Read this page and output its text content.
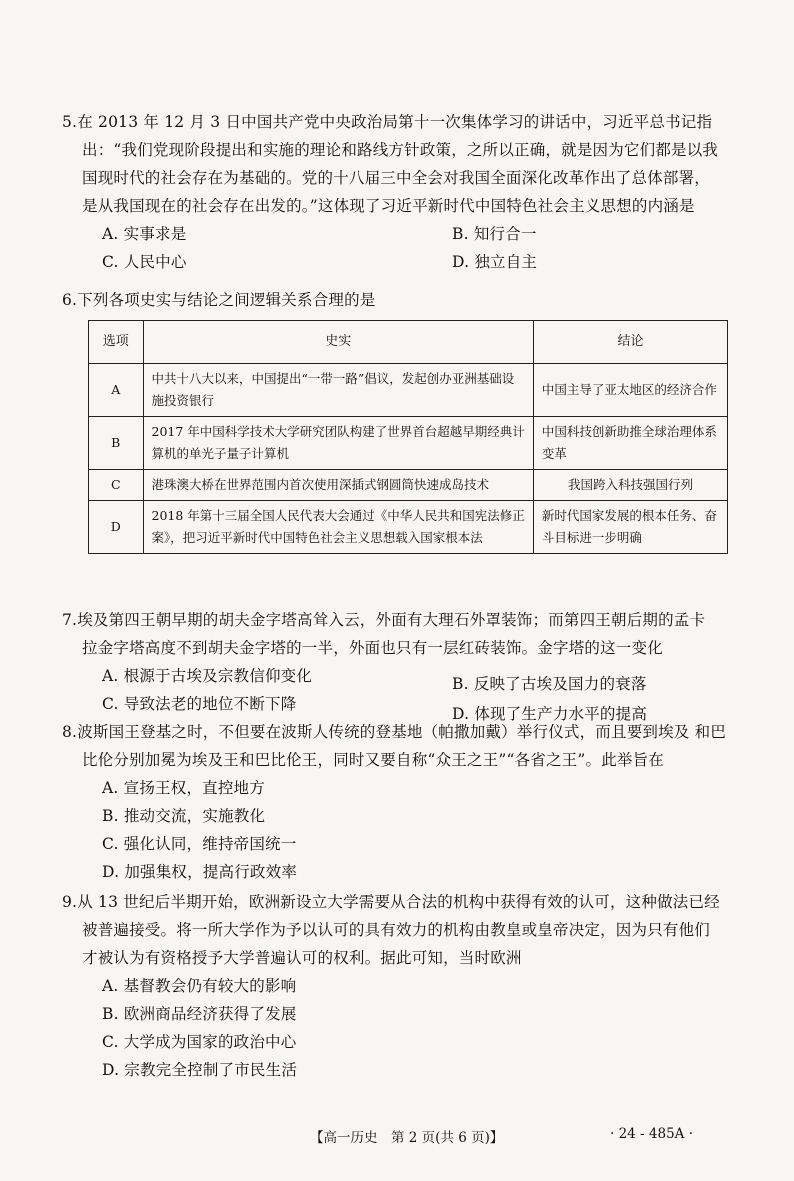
5.在 2013 年 12 月 3 日中国共产党中央政治局第十一次集体学习的讲话中，习近平总书记指

出：“我们党现阶段提出和实施的理论和路线方针政策，之所以正确，就是因为它们都是以我

国现时代的社会存在为基础的。党的十八届三中全会对我国全面深化改革作出了总体部署，

是从我国现在的社会存在出发的。”这体现了习近平新时代中国特色社会主义思想的内涵是

A. 实事求是	B. 知行合一
C. 人民中心	D. 独立自主

6.下列各项史实与结论之间逻辑关系合理的是

选项	史实	结论
A	中共十八大以来，中国提出“一带一路”倡议，发起创办亚洲基础设施投资银行	中国主导了亚太地区的经济合作
B	2017 年中国科学技术大学研究团队构建了世界首台超越早期经典计算机的单光子量子计算机	中国科技创新助推全球治理体系变革
C	港珠澳大桥在世界范围内首次使用深插式钢圆筒快速成岛技术	我国跨入科技强国行列
D	2018 年第十三届全国人民代表大会通过《中华人民共和国宪法修正案》，把习近平新时代中国特色社会主义思想载入国家根本法	新时代国家发展的根本任务、奋斗目标进一步明确

7.埃及第四王朝早期的胡夫金字塔高耸入云，外面有大理石外罩装饰；而第四王朝后期的孟卡

拉金字塔高度不到胡夫金字塔的一半，外面也只有一层红砖装饰。金字塔的这一变化

A. 根源于古埃及宗教信仰变化	B. 反映了古埃及国力的衰落
C. 导致法老的地位不断下降
D. 体现了生产力水平的提高

8.波斯国王登基之时，不但要在波斯人传统的登基地（帕撒加戴）举行仪式，而且要到埃及 和巴

比伦分别加冕为埃及王和巴比伦王，同时又要自称“众王之王”“各省之王”。此举旨在

A. 宣扬王权，直控地方

B. 推动交流，实施教化

C. 强化认同，维持帝国统一

D. 加强集权，提高行政效率

9.从 13 世纪后半期开始，欧洲新设立大学需要从合法的机构中获得有效的认可，这种做法已经

被普遍接受。将一所大学作为予以认可的具有效力的机构由教皇或皇帝决定，因为只有他们

才被认为有资格授予大学普遍认可的权利。据此可知，当时欧洲

A. 基督教会仍有较大的影响

B. 欧洲商品经济获得了发展

C. 大学成为国家的政治中心

D. 宗教完全控制了市民生活

【高一历史　第 2 页(共 6 页)】	· 24 - 485A ·
